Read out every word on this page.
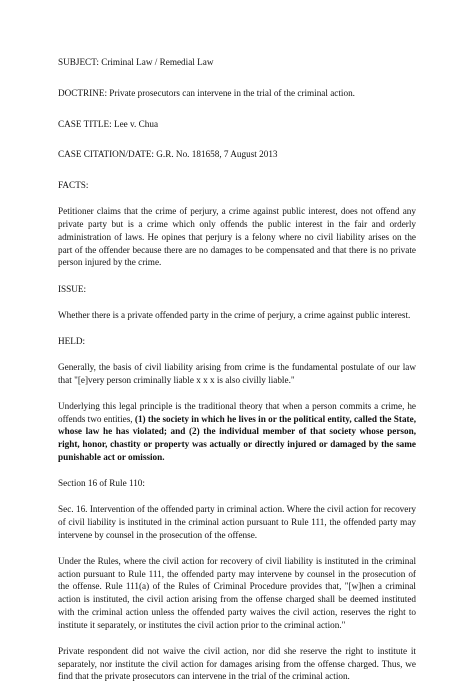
SUBJECT: Criminal Law / Remedial Law

DOCTRINE: Private prosecutors can intervene in the trial of the criminal action.

CASE TITLE: Lee v. Chua

CASE CITATION/DATE: G.R. No. 181658, 7 August 2013

FACTS:

Petitioner claims that the crime of perjury, a crime against public interest, does not offend any private party but is a crime which only offends the public interest in the fair and orderly administration of laws. He opines that perjury is a felony where no civil liability arises on the part of the offender because there are no damages to be compensated and that there is no private person injured by the crime.

ISSUE:

Whether there is a private offended party in the crime of perjury, a crime against public interest.

HELD:

Generally, the basis of civil liability arising from crime is the fundamental postulate of our law that "[e]very person criminally liable x x x is also civilly liable."

Underlying this legal principle is the traditional theory that when a person commits a crime, he offends two entities, (1) the society in which he lives in or the political entity, called the State, whose law he has violated; and (2) the individual member of that society whose person, right, honor, chastity or property was actually or directly injured or damaged by the same punishable act or omission.

Section 16 of Rule 110:

Sec. 16. Intervention of the offended party in criminal action. Where the civil action for recovery of civil liability is instituted in the criminal action pursuant to Rule 111, the offended party may intervene by counsel in the prosecution of the offense.

Under the Rules, where the civil action for recovery of civil liability is instituted in the criminal action pursuant to Rule 111, the offended party may intervene by counsel in the prosecution of the offense. Rule 111(a) of the Rules of Criminal Procedure provides that, "[w]hen a criminal action is instituted, the civil action arising from the offense charged shall be deemed instituted with the criminal action unless the offended party waives the civil action, reserves the right to institute it separately, or institutes the civil action prior to the criminal action."

Private respondent did not waive the civil action, nor did she reserve the right to institute it separately, nor institute the civil action for damages arising from the offense charged. Thus, we find that the private prosecutors can intervene in the trial of the criminal action.
